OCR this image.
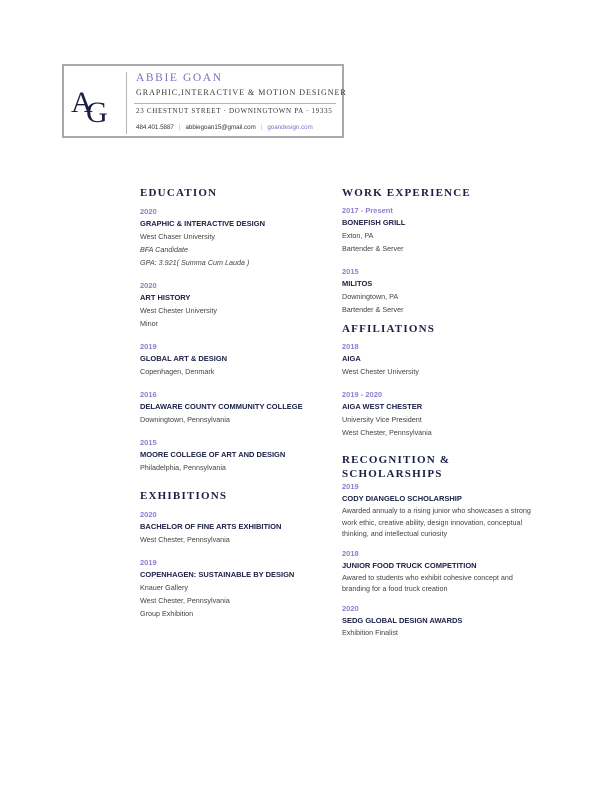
A
G
ABBIE GOAN
GRAPHIC,INTERACTIVE & MOTION DESIGNER
23 CHESTNUT STREET · DOWNINGTOWN PA · 19335
484.401.5887 | abbiegoan15@gmail.com | goandesign.com
EDUCATION
2020
GRAPHIC & INTERACTIVE DESIGN
West Chaser University
BFA Candidate
GPA: 3.921( Summa Cum Lauda )
2020
ART HISTORY
West Chester University
Minor
2019
GLOBAL ART & DESIGN
Copenhagen, Denmark
2016
DELAWARE COUNTY COMMUNITY COLLEGE
Downingtown, Pennsylvania
2015
MOORE COLLEGE OF ART AND DESIGN
Philadelphia, Pennsylvania
EXHIBITIONS
2020
BACHELOR OF FINE ARTS EXHIBITION
West Chester, Pennsylvania
2019
COPENHAGEN: SUSTAINABLE BY DESIGN
Knauer Gallery
West Chester, Pennsylvania
Group Exhibition
WORK EXPERIENCE
2017 - Present
BONEFISH GRILL
Exton, PA
Bartender & Server
2015
MILITOS
Downingtown, PA
Bartender & Server
AFFILIATIONS
2018
AIGA
West Chester University
2019 - 2020
AIGA WEST CHESTER
University Vice President
West Chester, Pennsylvania
RECOGNITION &
SCHOLARSHIPS
2019
CODY DIANGELO SCHOLARSHIP
Awarded annualy to a rising junior who showcases a strong work ethic, creative ability, design innovation, conceptual thinking, and intellectual curiosity
2018
JUNIOR FOOD TRUCK COMPETITION
Awared to students who exhibit cohesive concept and branding for a food truck creation
2020
SEDG GLOBAL DESIGN AWARDS
Exhibition Finalist
